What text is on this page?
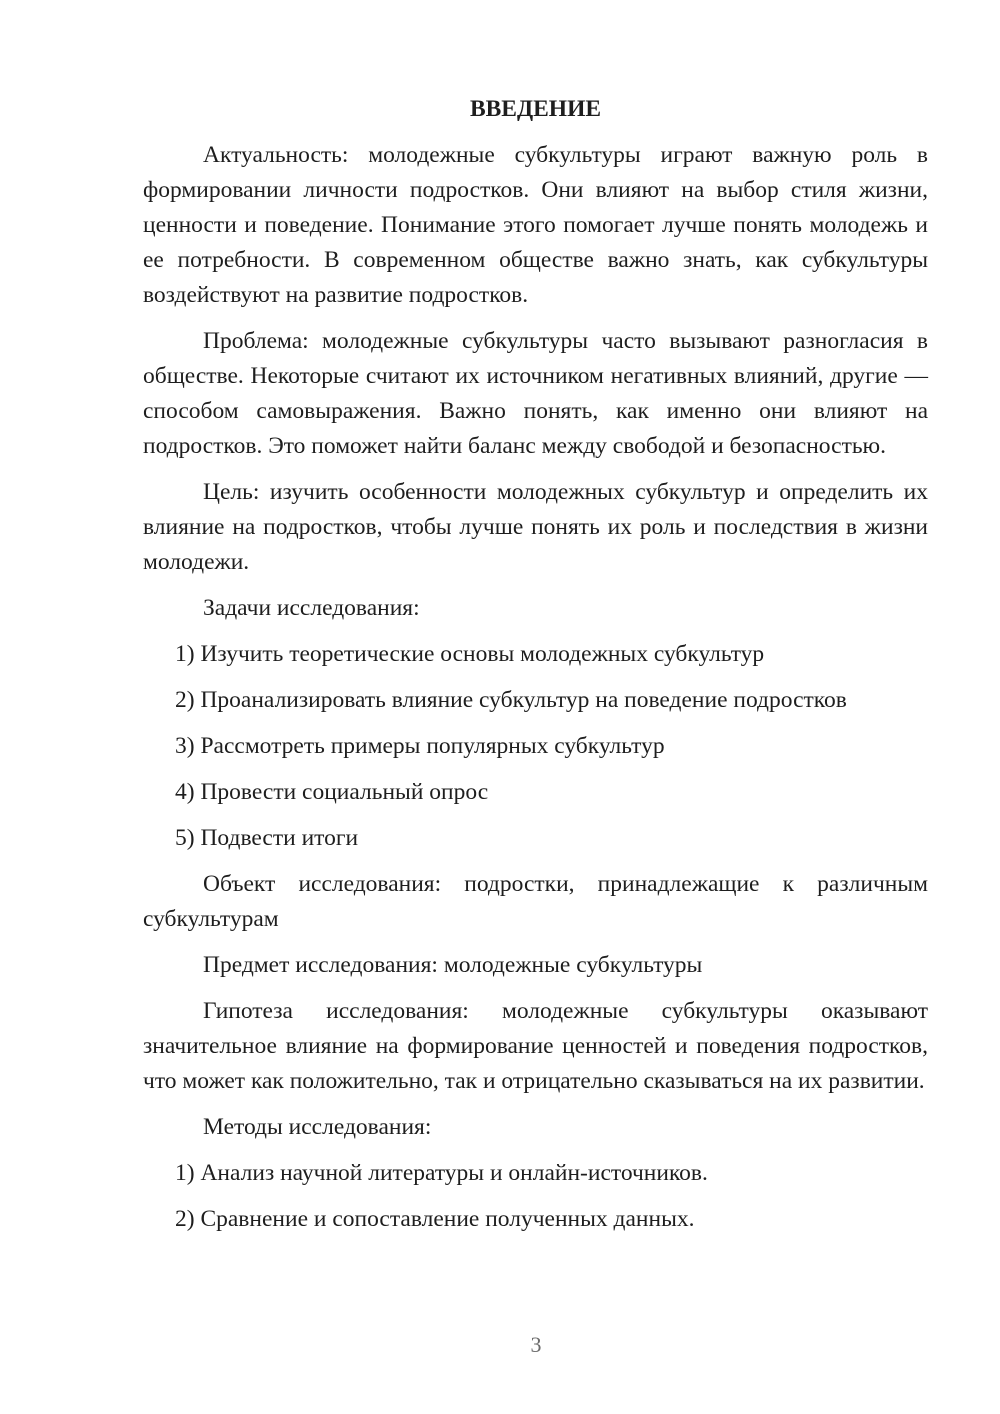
ВВЕДЕНИЕ

Актуальность: молодежные субкультуры играют важную роль в формировании личности подростков. Они влияют на выбор стиля жизни, ценности и поведение. Понимание этого помогает лучше понять молодежь и ее потребности. В современном обществе важно знать, как субкультуры воздействуют на развитие подростков.

Проблема: молодежные субкультуры часто вызывают разногласия в обществе. Некоторые считают их источником негативных влияний, другие — способом самовыражения. Важно понять, как именно они влияют на подростков. Это поможет найти баланс между свободой и безопасностью.

Цель: изучить особенности молодежных субкультур и определить их влияние на подростков, чтобы лучше понять их роль и последствия в жизни молодежи.

Задачи исследования:

1) Изучить теоретические основы молодежных субкультур
2) Проанализировать влияние субкультур на поведение подростков
3) Рассмотреть примеры популярных субкультур
4) Провести социальный опрос
5) Подвести итоги

Объект исследования: подростки, принадлежащие к различным субкультурам

Предмет исследования: молодежные субкультуры

Гипотеза исследования: молодежные субкультуры оказывают значительное влияние на формирование ценностей и поведения подростков, что может как положительно, так и отрицательно сказываться на их развитии.

Методы исследования:

1) Анализ научной литературы и онлайн-источников.
2) Сравнение и сопоставление полученных данных.
3
